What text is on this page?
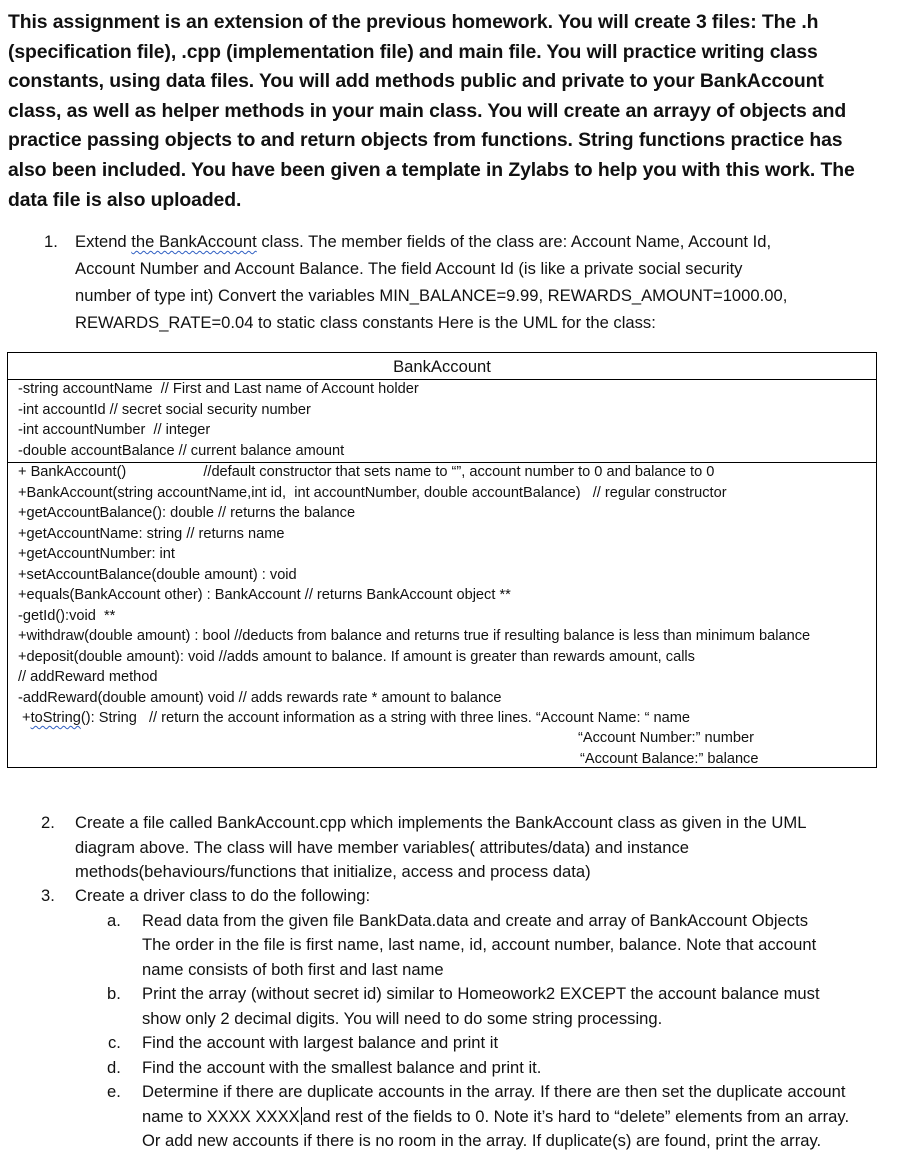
This assignment is an extension of the previous homework. You will create 3 files: The .h
(specification file), .cpp (implementation file) and main file. You will practice writing class
constants, using data files. You will add methods public and private to your BankAccount
class, as well as helper methods in your main class. You will create an arrayy of objects and
practice passing objects to and return objects from functions. String functions practice has
also been included. You have been given a template in Zylabs to help you with this work. The
data file is also uploaded.
1. Extend the BankAccount class. The member fields of the class are: Account Name, Account Id,
Account Number and Account Balance. The field Account Id (is like a private social security
number of type int) Convert the variables MIN_BALANCE=9.99, REWARDS_AMOUNT=1000.00,
REWARDS_RATE=0.04 to static class constants Here is the UML for the class:
BankAccount
-string accountName  // First and Last name of Account holder
-int accountId // secret social security number
-int accountNumber  // integer
-double accountBalance // current balance amount
+ BankAccount()                   //default constructor that sets name to “”, account number to 0 and balance to 0
+BankAccount(string accountName,int id,  int accountNumber, double accountBalance)   // regular constructor
+getAccountBalance(): double // returns the balance
+getAccountName: string // returns name
+getAccountNumber: int
+setAccountBalance(double amount) : void
+equals(BankAccount other) : BankAccount // returns BankAccount object **
-getId():void  **
+withdraw(double amount) : bool //deducts from balance and returns true if resulting balance is less than minimum balance
+deposit(double amount): void //adds amount to balance. If amount is greater than rewards amount, calls
// addReward method
-addReward(double amount) void // adds rewards rate * amount to balance
+toString(): String   // return the account information as a string with three lines. “Account Name: “ name
“Account Number:” number
“Account Balance:” balance
2. Create a file called BankAccount.cpp which implements the BankAccount class as given in the UML
diagram above. The class will have member variables( attributes/data) and instance
methods(behaviours/functions that initialize, access and process data)
3. Create a driver class to do the following:
a. Read data from the given file BankData.data and create and array of BankAccount Objects
The order in the file is first name, last name, id, account number, balance. Note that account
name consists of both first and last name
b. Print the array (without secret id) similar to Homeowork2 EXCEPT the account balance must
show only 2 decimal digits. You will need to do some string processing.
c. Find the account with largest balance and print it
d. Find the account with the smallest balance and print it.
e. Determine if there are duplicate accounts in the array. If there are then set the duplicate account
name to XXXX XXXX and rest of the fields to 0. Note it’s hard to “delete” elements from an array.
Or add new accounts if there is no room in the array. If duplicate(s) are found, print the array.
